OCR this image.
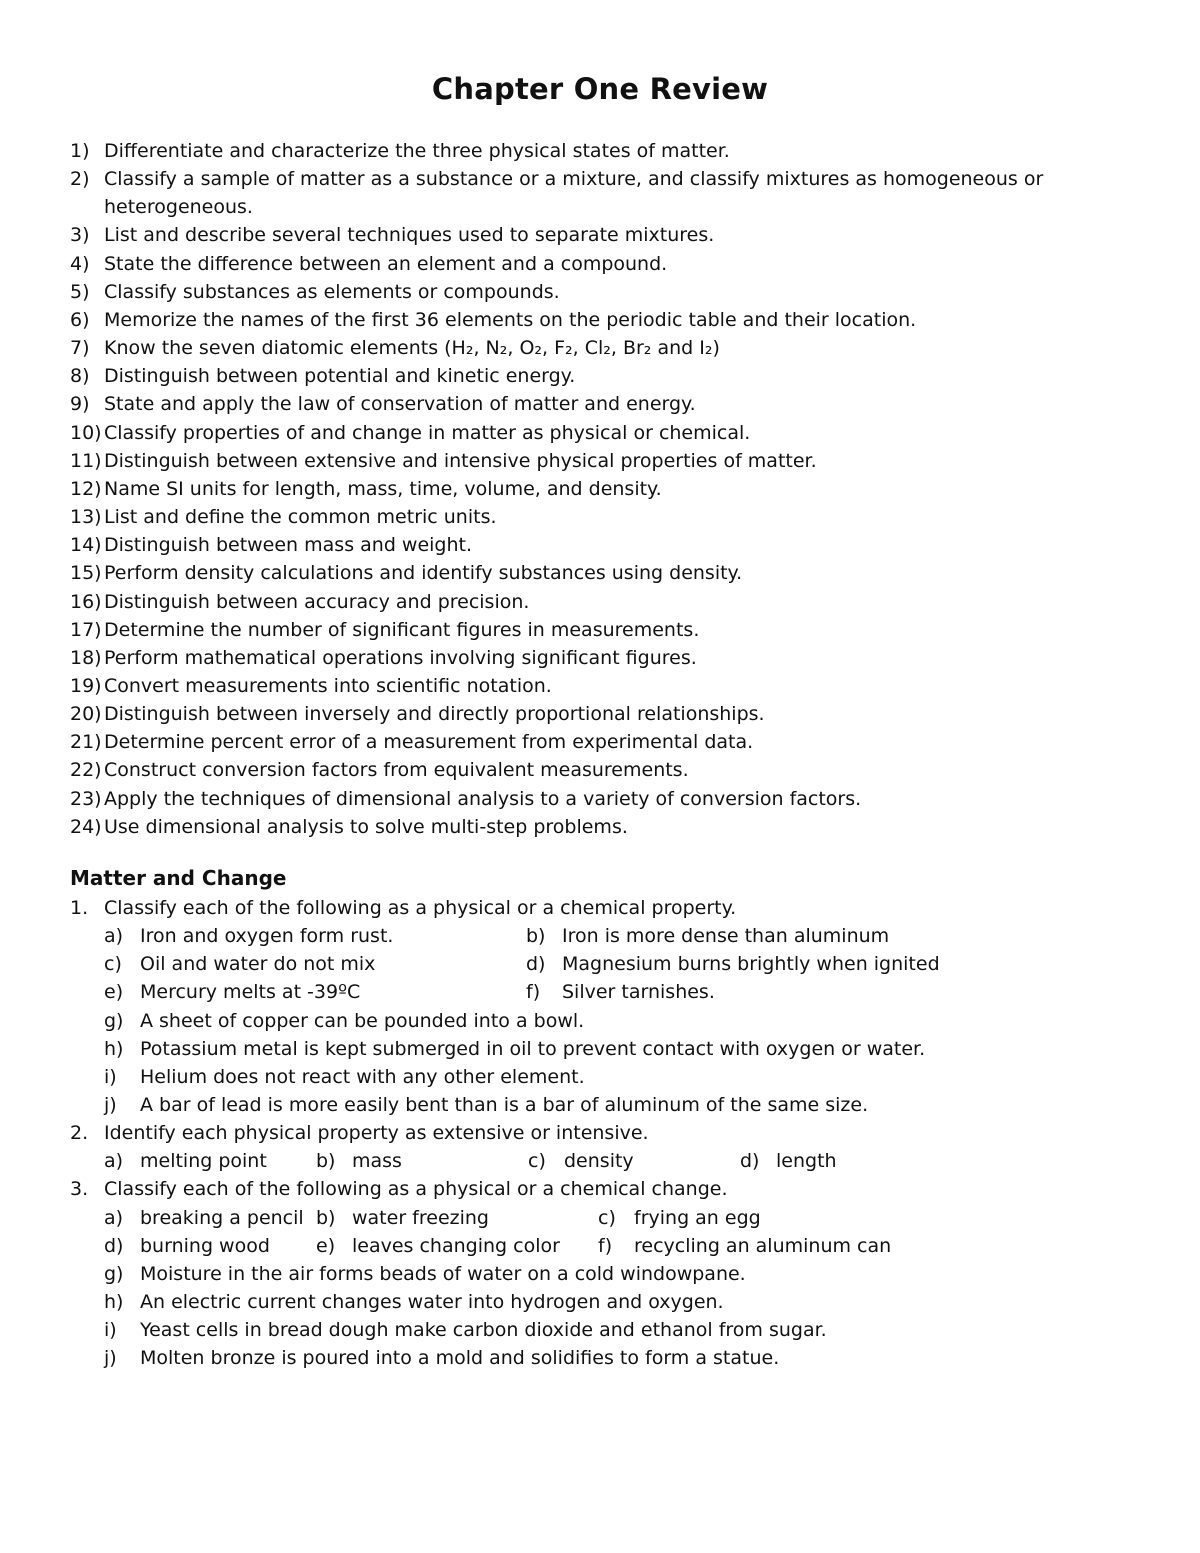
Chapter One Review
1) Differentiate and characterize the three physical states of matter.
2) Classify a sample of matter as a substance or a mixture, and classify mixtures as homogeneous or
heterogeneous.
3) List and describe several techniques used to separate mixtures.
4) State the difference between an element and a compound.
5) Classify substances as elements or compounds.
6) Memorize the names of the first 36 elements on the periodic table and their location.
7) Know the seven diatomic elements (H₂, N₂, O₂, F₂, Cl₂, Br₂ and I₂)
8) Distinguish between potential and kinetic energy.
9) State and apply the law of conservation of matter and energy.
10) Classify properties of and change in matter as physical or chemical.
11) Distinguish between extensive and intensive physical properties of matter.
12) Name SI units for length, mass, time, volume, and density.
13) List and define the common metric units.
14) Distinguish between mass and weight.
15) Perform density calculations and identify substances using density.
16) Distinguish between accuracy and precision.
17) Determine the number of significant figures in measurements.
18) Perform mathematical operations involving significant figures.
19) Convert measurements into scientific notation.
20) Distinguish between inversely and directly proportional relationships.
21) Determine percent error of a measurement from experimental data.
22) Construct conversion factors from equivalent measurements.
23) Apply the techniques of dimensional analysis to a variety of conversion factors.
24) Use dimensional analysis to solve multi-step problems.
Matter and Change
1. Classify each of the following as a physical or a chemical property.
a) Iron and oxygen form rust.	b) Iron is more dense than aluminum
c) Oil and water do not mix	d) Magnesium burns brightly when ignited
e) Mercury melts at -39ºC	f) Silver tarnishes.
g) A sheet of copper can be pounded into a bowl.
h) Potassium metal is kept submerged in oil to prevent contact with oxygen or water.
i) Helium does not react with any other element.
j) A bar of lead is more easily bent than is a bar of aluminum of the same size.
2. Identify each physical property as extensive or intensive.
a) melting point	b) mass	c) density	d) length
3. Classify each of the following as a physical or a chemical change.
a) breaking a pencil b) water freezing	c) frying an egg
d) burning wood e) leaves changing color f) recycling an aluminum can
g) Moisture in the air forms beads of water on a cold windowpane.
h) An electric current changes water into hydrogen and oxygen.
i) Yeast cells in bread dough make carbon dioxide and ethanol from sugar.
j) Molten bronze is poured into a mold and solidifies to form a statue.
